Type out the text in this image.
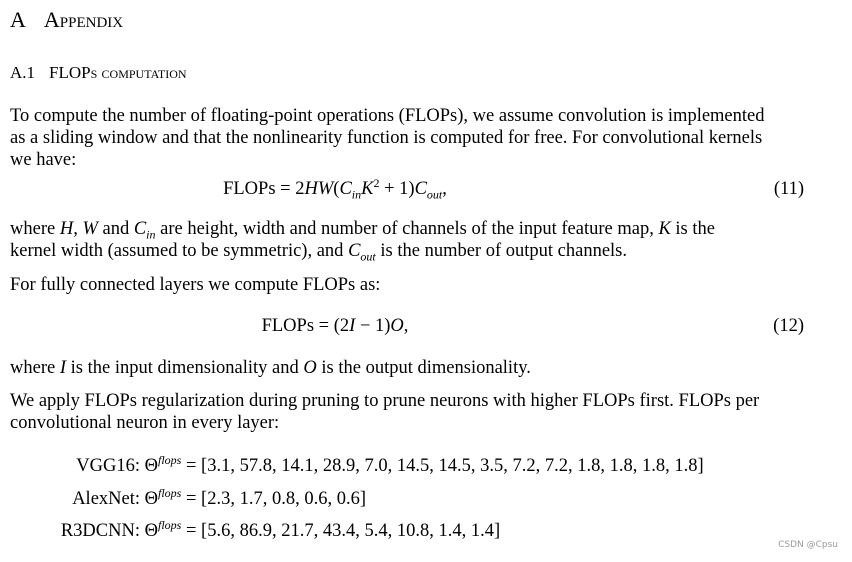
A Appendix
A.1 FLOPs computation
To compute the number of floating-point operations (FLOPs), we assume convolution is implemented
as a sliding window and that the nonlinearity function is computed for free. For convolutional kernels
we have:
FLOPs = $2HW(C_{in}K^2 + 1)C_{out}$,	(11)
where H, W and $C_{in}$ are height, width and number of channels of the input feature map, K is the
kernel width (assumed to be symmetric), and $C_{out}$ is the number of output channels.
For fully connected layers we compute FLOPs as:
FLOPs = (2I − 1)O,	(12)
where I is the input dimensionality and O is the output dimensionality.
We apply FLOPs regularization during pruning to prune neurons with higher FLOPs first. FLOPs per
convolutional neuron in every layer:
VGG16: $\Theta^{flops} = [3.1$, 57.8, 14.1, 28.9, 7.0, 14.5, 14.5, 3.5, 7.2, 7.2, 1.8, 1.8, 1.8, 1.8]
AlexNet: $\Theta^{flops} = [2.3$, 1.7, 0.8, 0.6, 0.6]
R3DCNN: $\Theta^{flops} = [5.6$, 86.9, 21.7, 43.4, 5.4, 10.8, 1.4, 1.4]
CSDN @Cpsu
